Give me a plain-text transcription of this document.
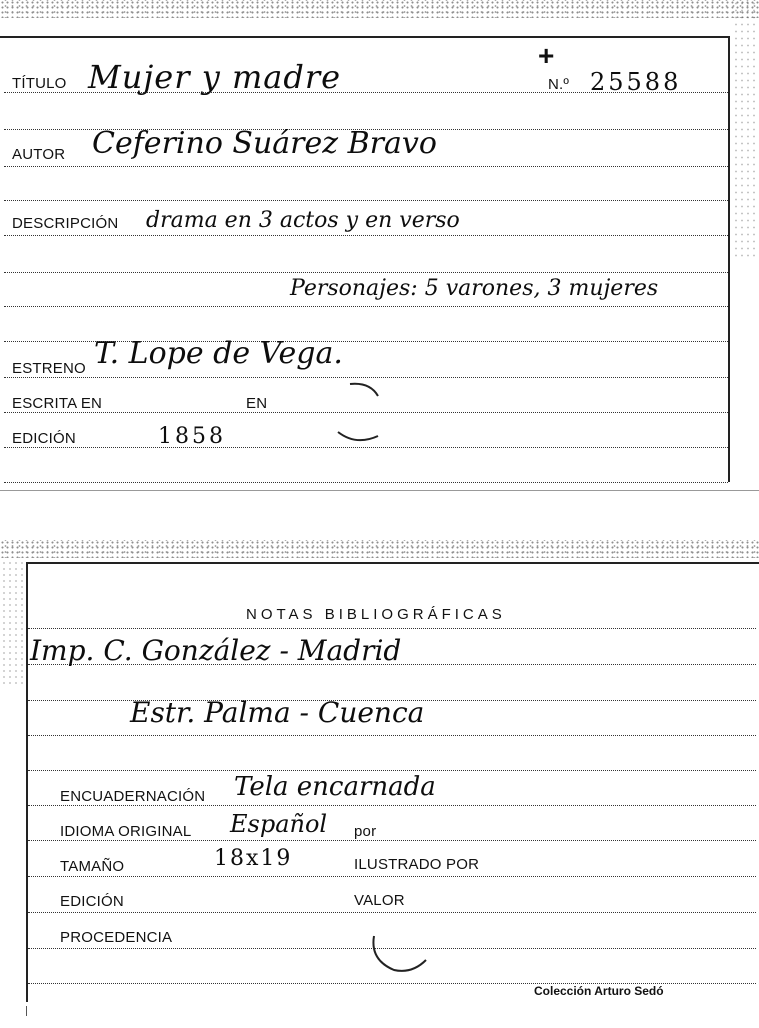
+
TÍTULO Mujer y madre	N.º 25588
AUTOR Ceferino Suárez Bravo
DESCRIPCIÓN drama en 3 actos y en verso
Personajes: 5 varones, 3 mujeres
ESTRENO T. Lope de Vega.
ESCRITA EN	EN
EDICIÓN	1858
NOTAS BIBLIOGRÁFICAS
Imp. C. González - Madrid
Estr. Palma - Cuenca
ENCUADERNACIÓN Tela encarnada
IDIOMA ORIGINAL Español por
TAMAÑO	18x19	ILUSTRADO POR
EDICIÓN	VALOR
PROCEDENCIA
Colección Arturo Sedó
